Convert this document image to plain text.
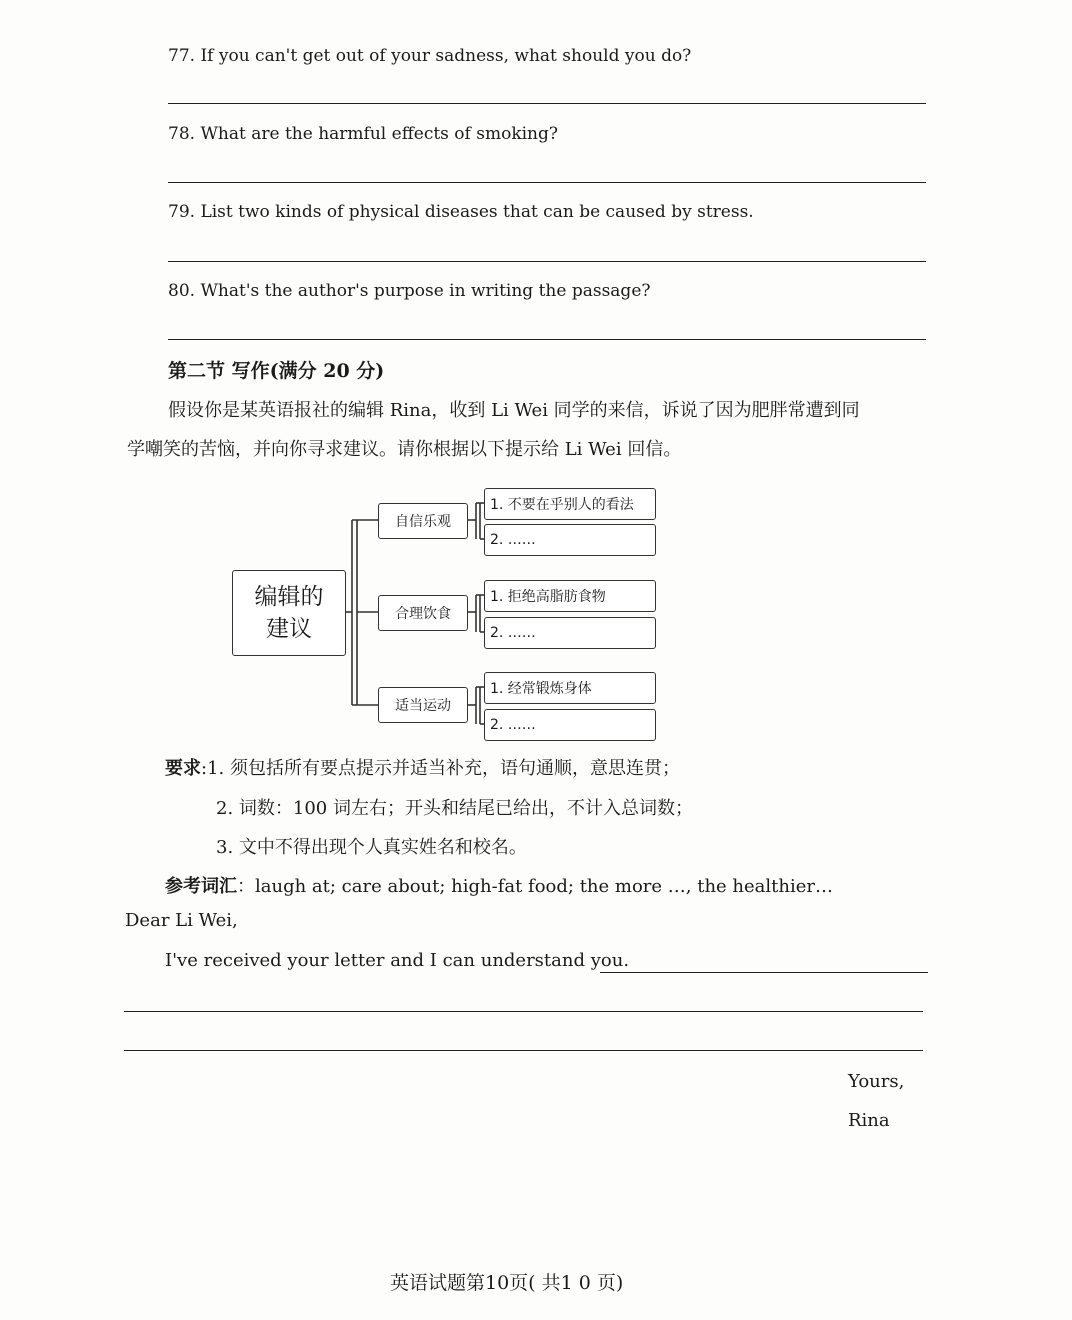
77. If you can't get out of your sadness, what should you do?
78. What are the harmful effects of smoking?
79. List two kinds of physical diseases that can be caused by stress.
80. What's the author's purpose in writing the passage?
第二节 写作(满分 20 分)
假设你是某英语报社的编辑 Rina，收到 Li Wei 同学的来信，诉说了因为肥胖常遭到同
学嘲笑的苦恼，并向你寻求建议。请你根据以下提示给 Li Wei 回信。
编辑的
建议
自信乐观
1. 不要在乎别人的看法
2. ……
合理饮食
1. 拒绝高脂肪食物
2. ……
适当运动
1. 经常锻炼身体
2. ……
要求:1. 须包括所有要点提示并适当补充，语句通顺，意思连贯；
2. 词数：100 词左右；开头和结尾已给出，不计入总词数；
3. 文中不得出现个人真实姓名和校名。
参考词汇：laugh at; care about; high-fat food; the more …, the healthier…
Dear Li Wei,
I've received your letter and I can understand you.
Yours,
Rina
英语试题第10页( 共1 0 页)
